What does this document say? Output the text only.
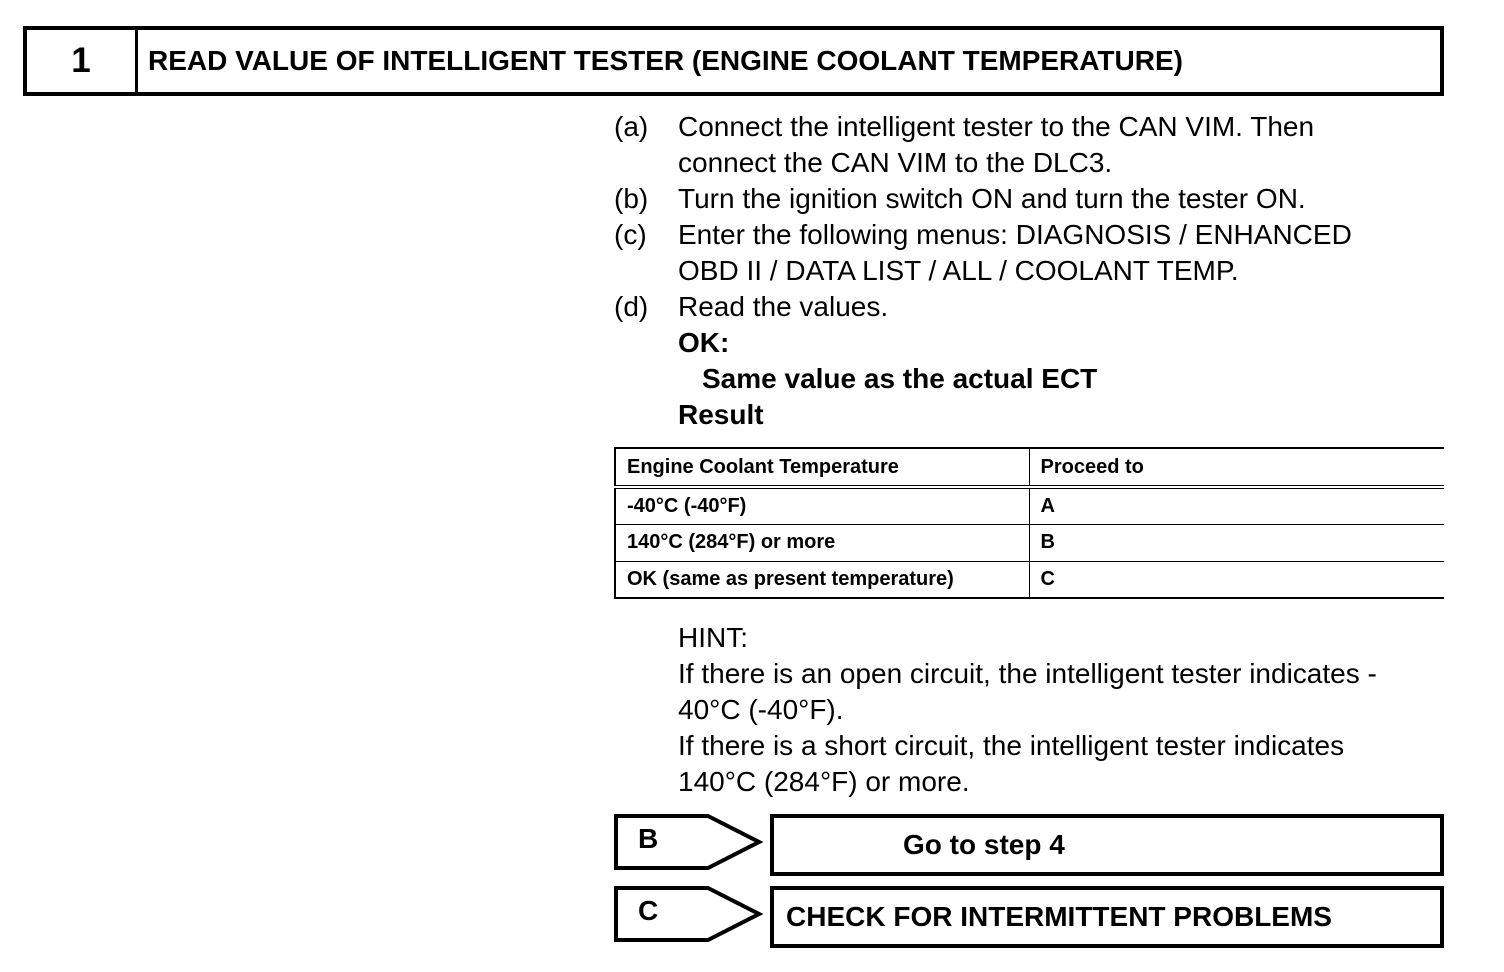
1	READ VALUE OF INTELLIGENT TESTER (ENGINE COOLANT TEMPERATURE)
(a)	Connect the intelligent tester to the CAN VIM. Then
connect the CAN VIM to the DLC3.
(b)	Turn the ignition switch ON and turn the tester ON.
(c)	Enter the following menus: DIAGNOSIS / ENHANCED
OBD II / DATA LIST / ALL / COOLANT TEMP.
(d)	Read the values.
OK:
Same value as the actual ECT
Result
Engine Coolant Temperature	Proceed to
-40°C (-40°F)	A
140°C (284°F) or more	B
OK (same as present temperature)	C

HINT:

If there is an open circuit, the intelligent tester indicates -

40°C (-40°F).

If there is a short circuit, the intelligent tester indicates

140°C (284°F) or more.

B	Go to step 4
C	CHECK FOR INTERMITTENT PROBLEMS
